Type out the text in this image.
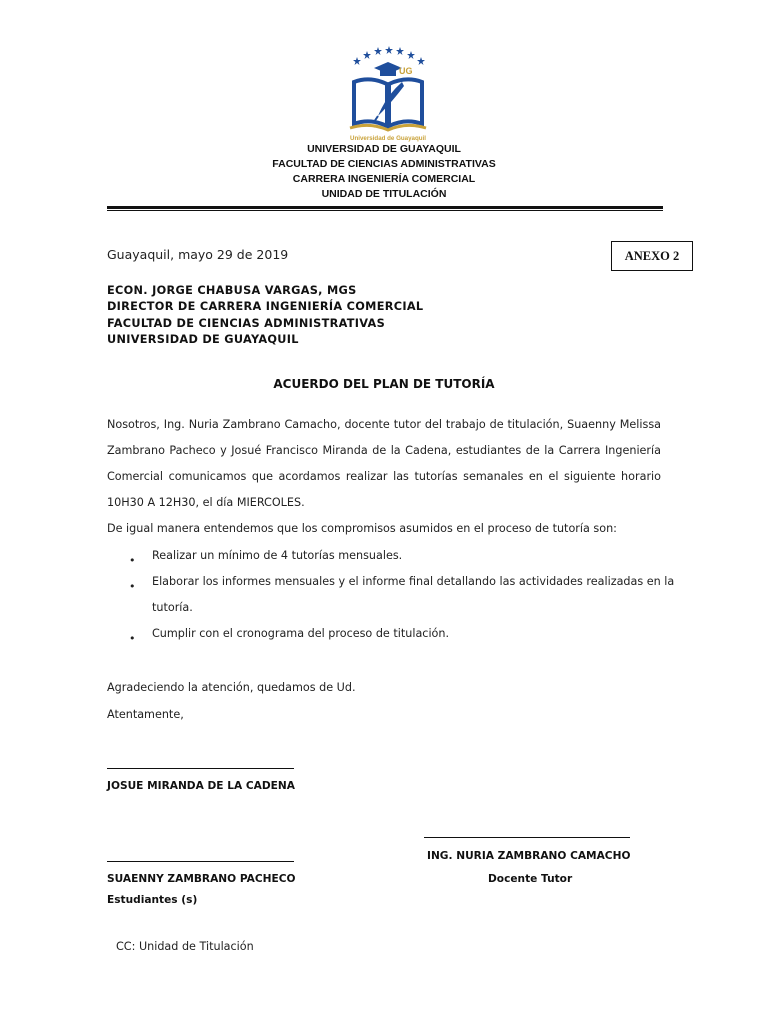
UG
Universidad de Guayaquil
UNIVERSIDAD DE GUAYAQUIL
FACULTAD DE CIENCIAS ADMINISTRATIVAS
CARRERA INGENIERÍA COMERCIAL
UNIDAD DE TITULACIÓN
Guayaquil, mayo 29 de 2019	ANEXO 2
ECON. JORGE CHABUSA VARGAS, MGS
DIRECTOR DE CARRERA INGENIERÍA COMERCIAL
FACULTAD DE CIENCIAS ADMINISTRATIVAS
UNIVERSIDAD DE GUAYAQUIL
ACUERDO DEL PLAN DE TUTORÍA
Nosotros, Ing. Nuria Zambrano Camacho, docente tutor del trabajo de titulación, Suaenny Melissa
Zambrano Pacheco y Josué Francisco Miranda de la Cadena, estudiantes de la Carrera Ingeniería
Comercial comunicamos que acordamos realizar las tutorías semanales en el siguiente horario
10H30 A 12H30, el día MIERCOLES.
De igual manera entendemos que los compromisos asumidos en el proceso de tutoría son:
• Realizar un mínimo de 4 tutorías mensuales.
• Elaborar los informes mensuales y el informe final detallando las actividades realizadas en la
tutoría.
• Cumplir con el cronograma del proceso de titulación.
Agradeciendo la atención, quedamos de Ud.
Atentamente,
JOSUE MIRANDA DE LA CADENA
ING. NURIA ZAMBRANO CAMACHO
Docente Tutor
SUAENNY ZAMBRANO PACHECO
Estudiantes (s)
CC: Unidad de Titulación
